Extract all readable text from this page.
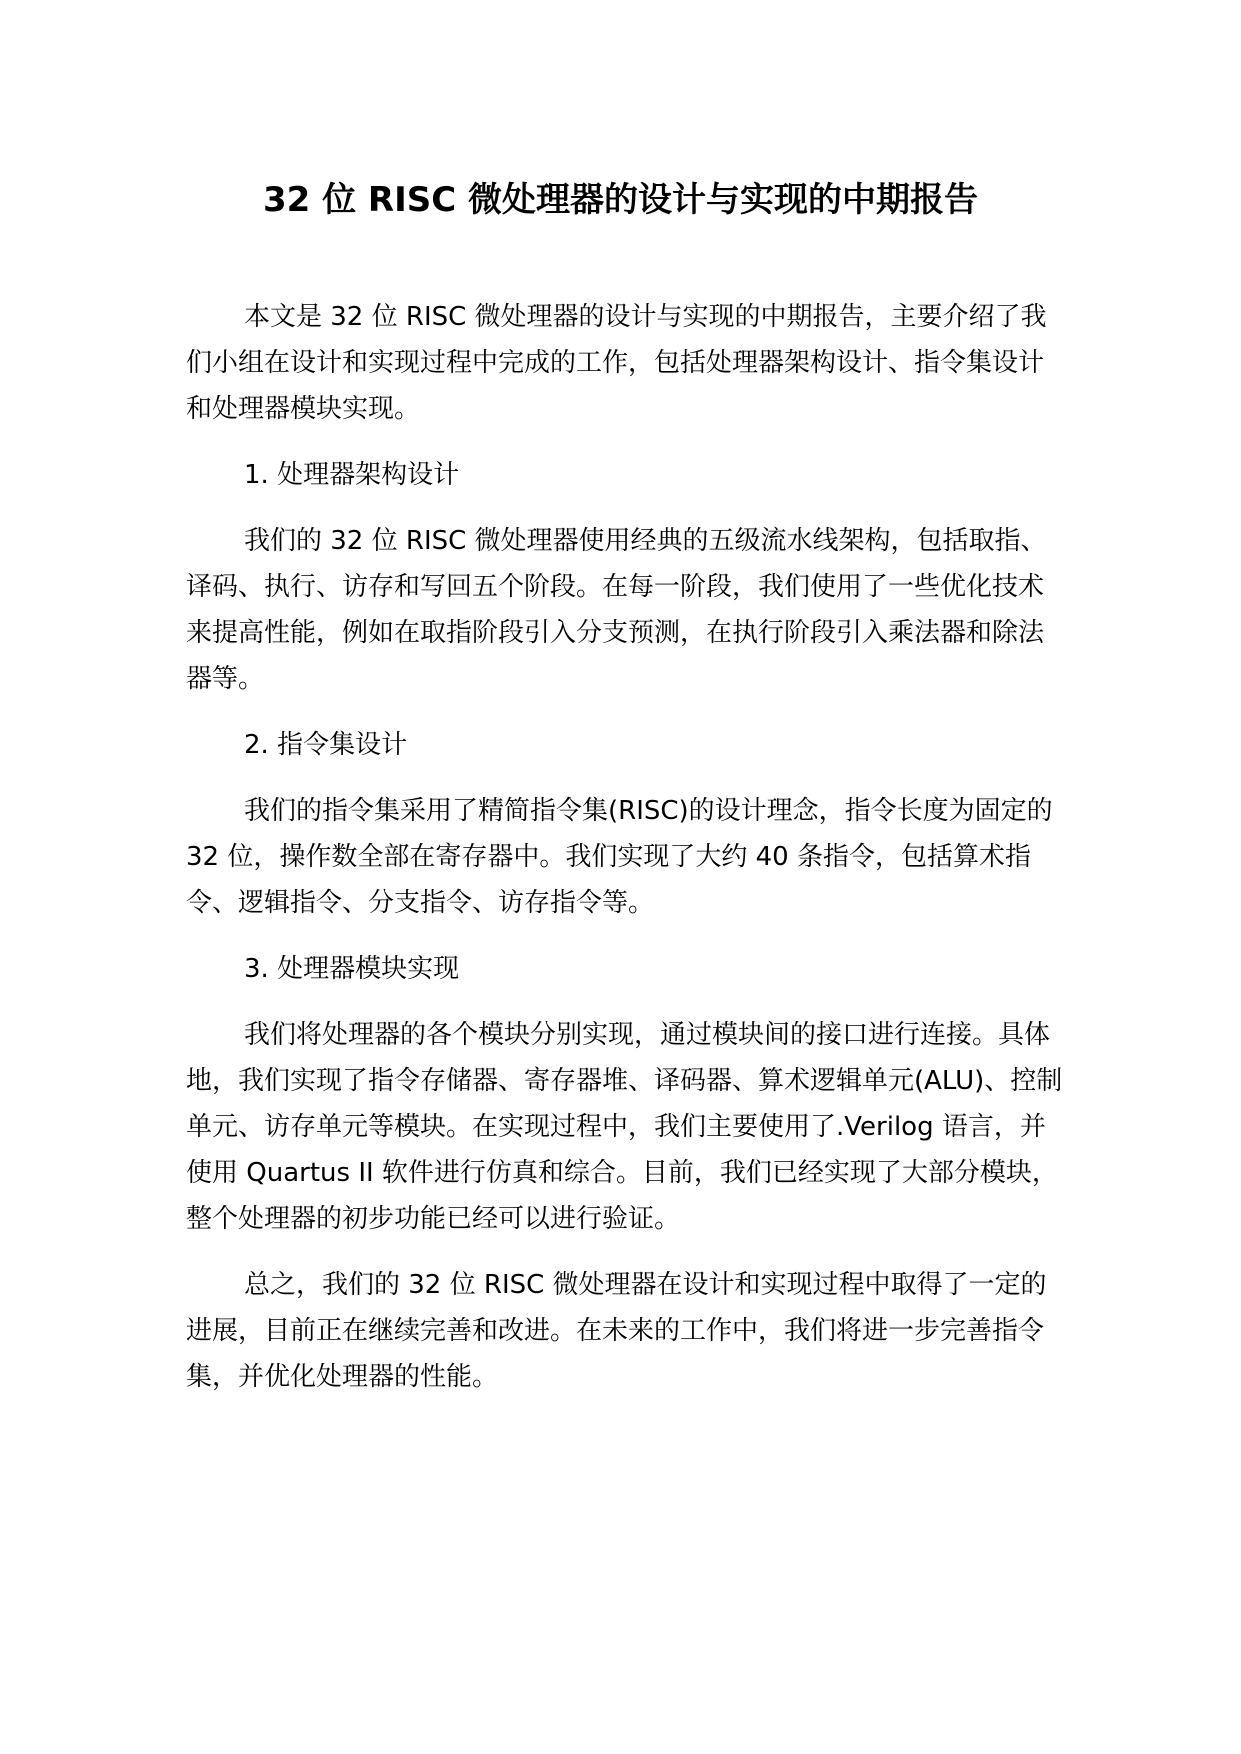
32 位 RISC 微处理器的设计与实现的中期报告

本文是 32 位 RISC 微处理器的设计与实现的中期报告，主要介绍了我们小组在设计和实现过程中完成的工作，包括处理器架构设计、指令集设计和处理器模块实现。

1. 处理器架构设计

我们的 32 位 RISC 微处理器使用经典的五级流水线架构，包括取指、译码、执行、访存和写回五个阶段。在每一阶段，我们使用了一些优化技术来提高性能，例如在取指阶段引入分支预测，在执行阶段引入乘法器和除法器等。

2. 指令集设计

我们的指令集采用了精简指令集(RISC)的设计理念，指令长度为固定的 32 位，操作数全部在寄存器中。我们实现了大约 40 条指令，包括算术指令、逻辑指令、分支指令、访存指令等。

3. 处理器模块实现

我们将处理器的各个模块分别实现，通过模块间的接口进行连接。具体地，我们实现了指令存储器、寄存器堆、译码器、算术逻辑单元(ALU)、控制单元、访存单元等模块。在实现过程中，我们主要使用了.Verilog 语言，并使用 Quartus II 软件进行仿真和综合。目前，我们已经实现了大部分模块，整个处理器的初步功能已经可以进行验证。

总之，我们的 32 位 RISC 微处理器在设计和实现过程中取得了一定的进展，目前正在继续完善和改进。在未来的工作中，我们将进一步完善指令集，并优化处理器的性能。
